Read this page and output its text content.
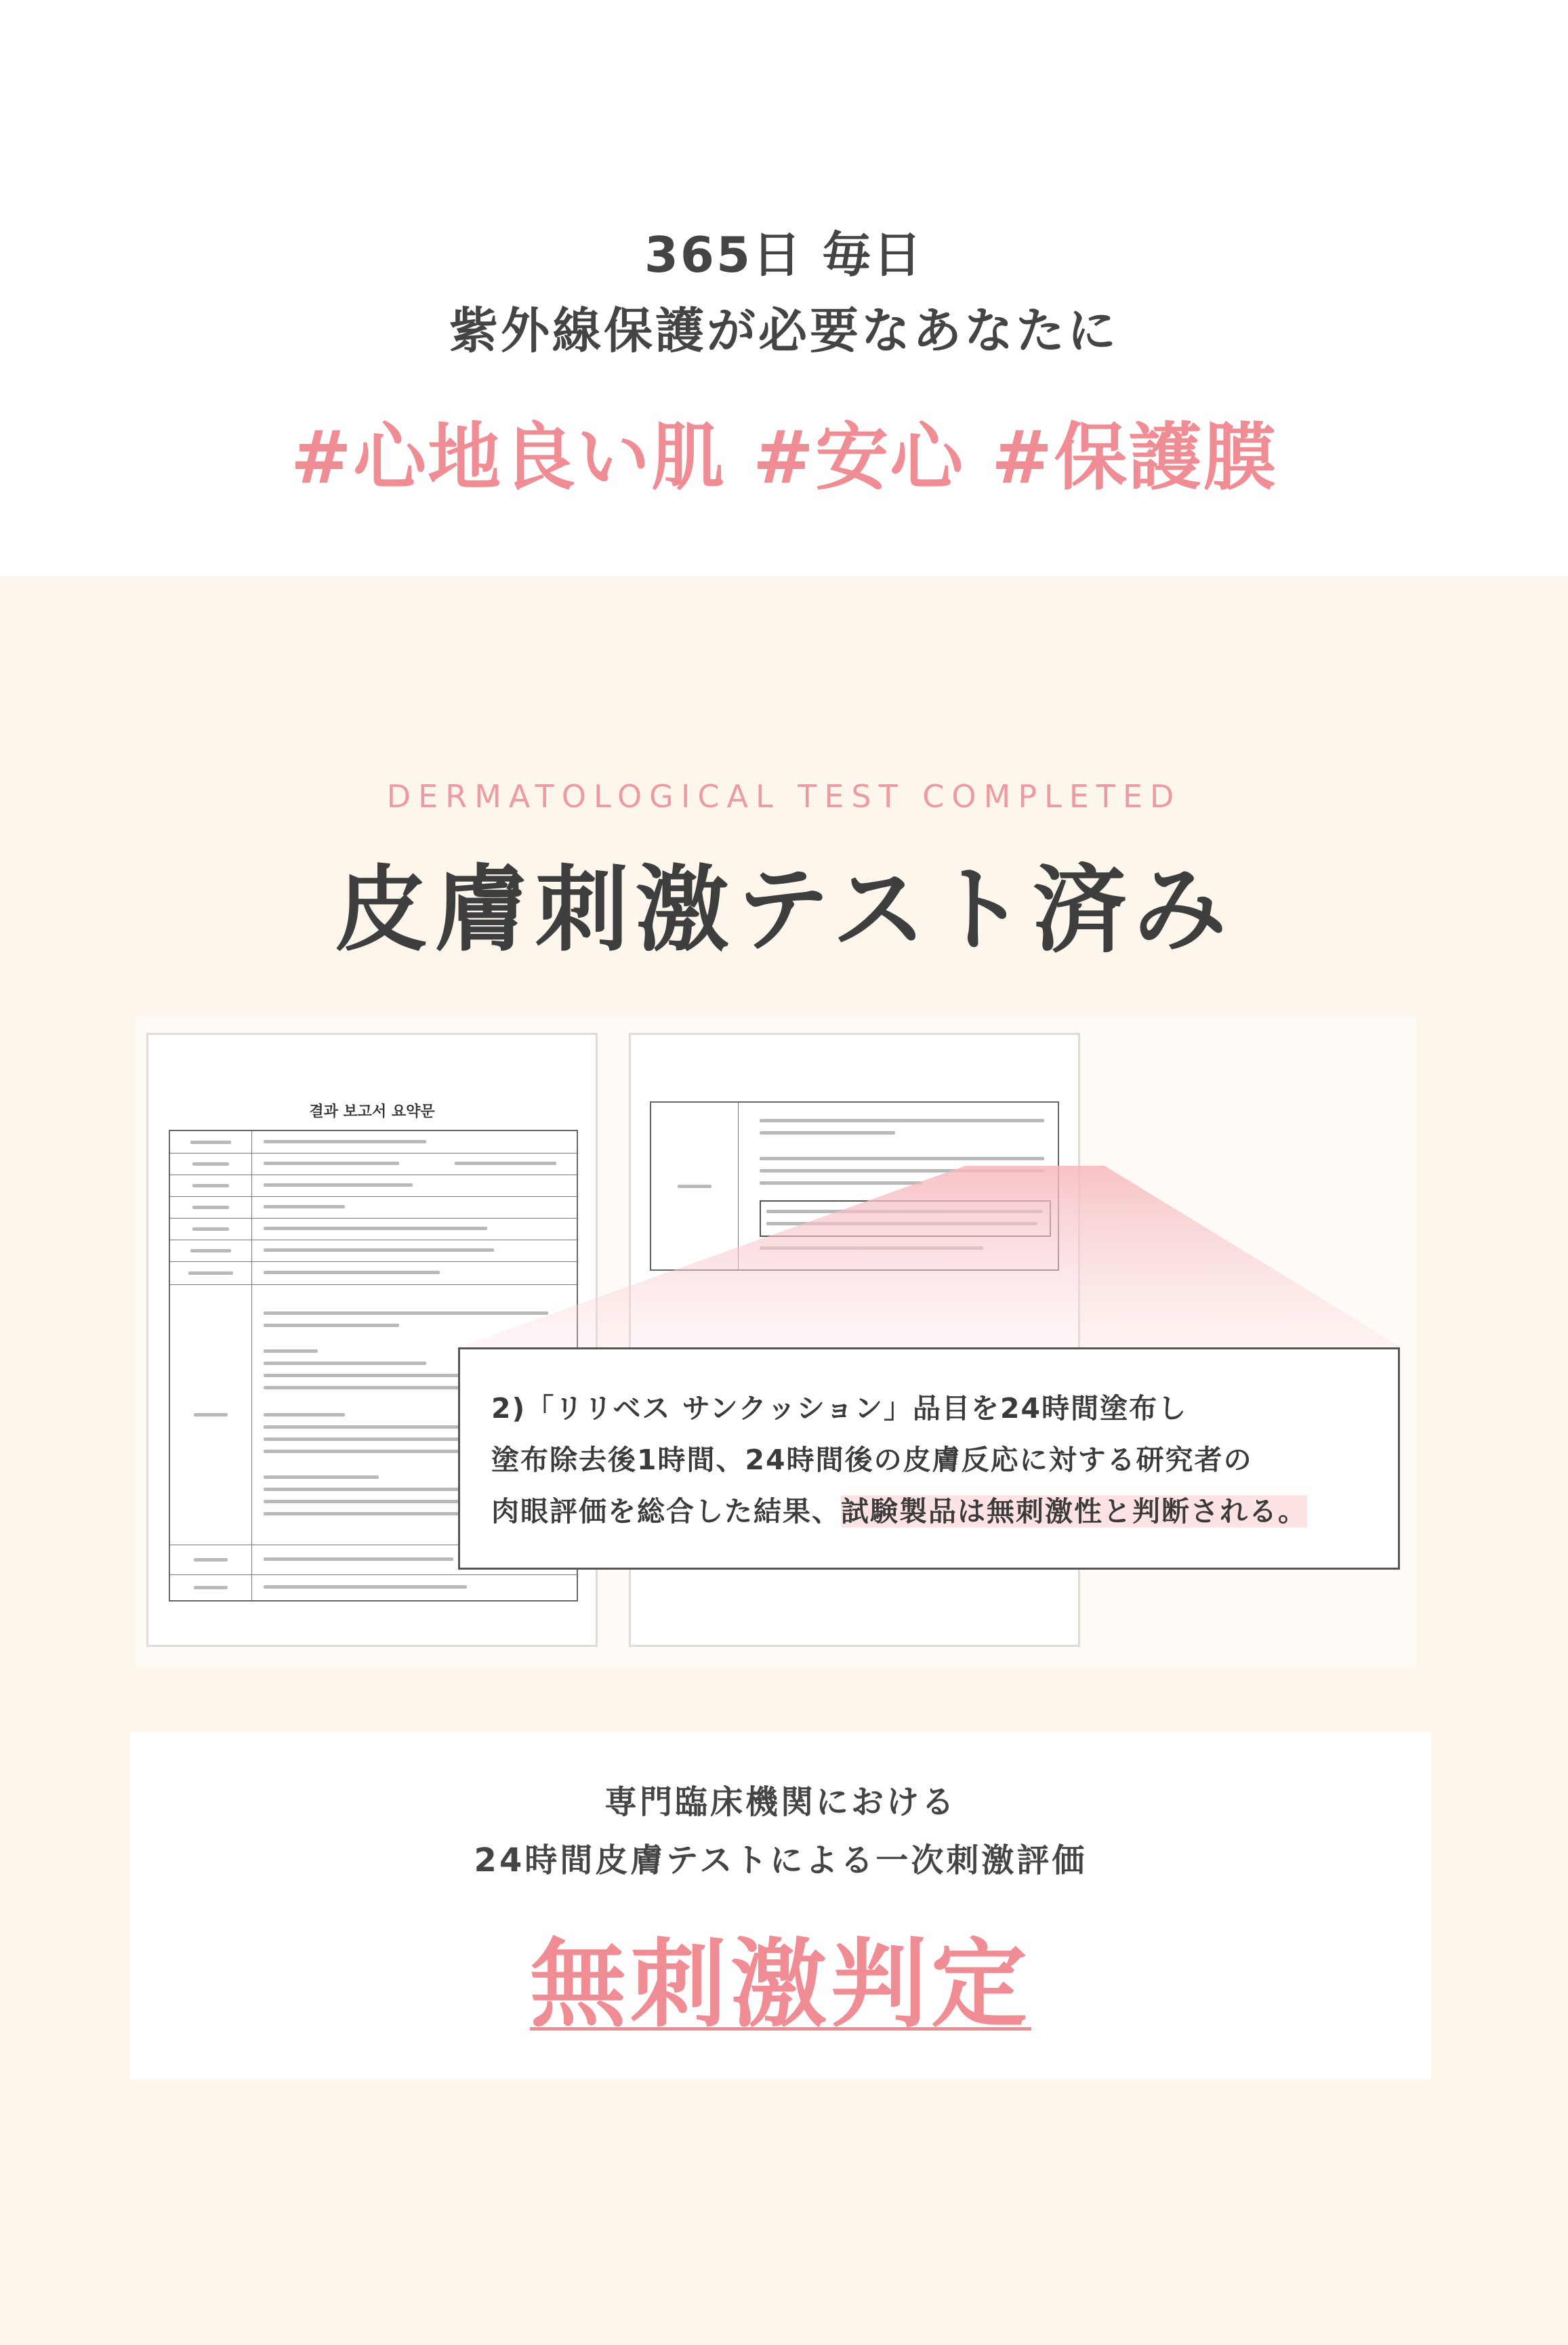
365日 毎日
紫外線保護が必要なあなたに
#心地良い肌 #安心 #保護膜
DERMATOLOGICAL TEST COMPLETED
皮膚刺激テスト済み
결과 보고서 요약문
2)「リリベス サンクッション」品目を24時間塗布し
塗布除去後1時間、24時間後の皮膚反応に対する研究者の
肉眼評価を総合した結果、試験製品は無刺激性と判断される。
専門臨床機関における
24時間皮膚テストによる一次刺激評価
無刺激判定
